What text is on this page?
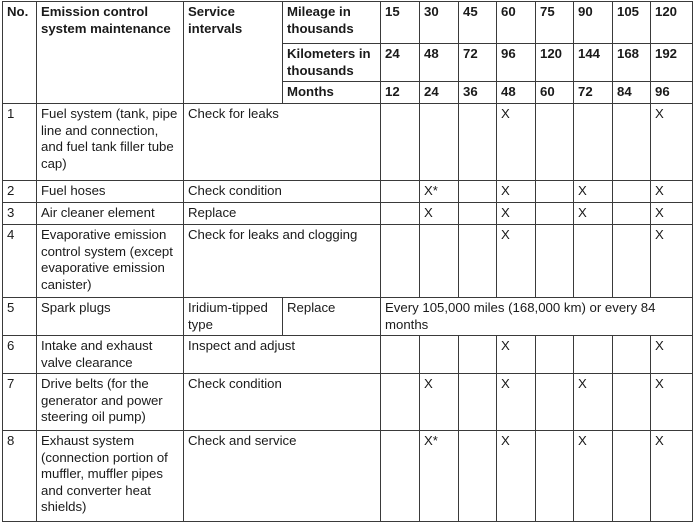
No.	Emission control system maintenance	Service intervals	Mileage in thousands	15	30	45	60	75	90	105	120
			Kilometers in thousands	24	48	72	96	120	144	168	192
			Months	12	24	36	48	60	72	84	96
1	Fuel system (tank, pipe line and connection, and fuel tank filler tube cap)	Check for leaks					X				X
2	Fuel hoses	Check condition			X*		X		X		X
3	Air cleaner element	Replace			X		X		X		X
4	Evaporative emission control system (except evaporative emission canister)	Check for leaks and clogging					X				X
5	Spark plugs	Iridium-tipped type	Replace	Every 105,000 miles (168,000 km) or every 84 months							
6	Intake and exhaust valve clearance	Inspect and adjust					X				X
7	Drive belts (for the generator and power steering oil pump)	Check condition			X		X		X		X
8	Exhaust system (connection portion of muffler, muffler pipes and converter heat shields)	Check and service			X*		X		X		X
